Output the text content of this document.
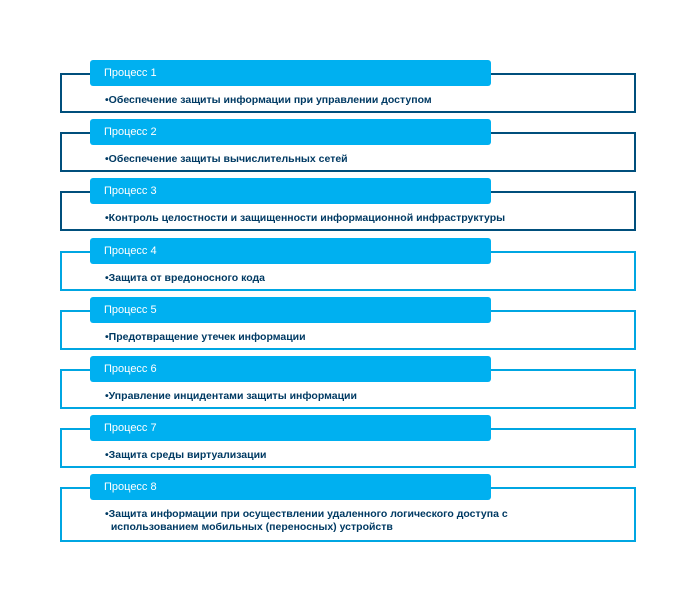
Процесс 1
•Обеспечение защиты информации при управлении доступом
Процесс 2
•Обеспечение защиты вычислительных сетей
Процесс 3
•Контроль целостности и защищенности информационной инфраструктуры
Процесс 4
•Защита от вредоносного кода
Процесс 5
•Предотвращение утечек информации
Процесс 6
•Управление инцидентами защиты информации
Процесс 7
•Защита среды виртуализации
Процесс 8
•Защита информации при осуществлении удаленного логического доступа с
использованием мобильных (переносных) устройств
